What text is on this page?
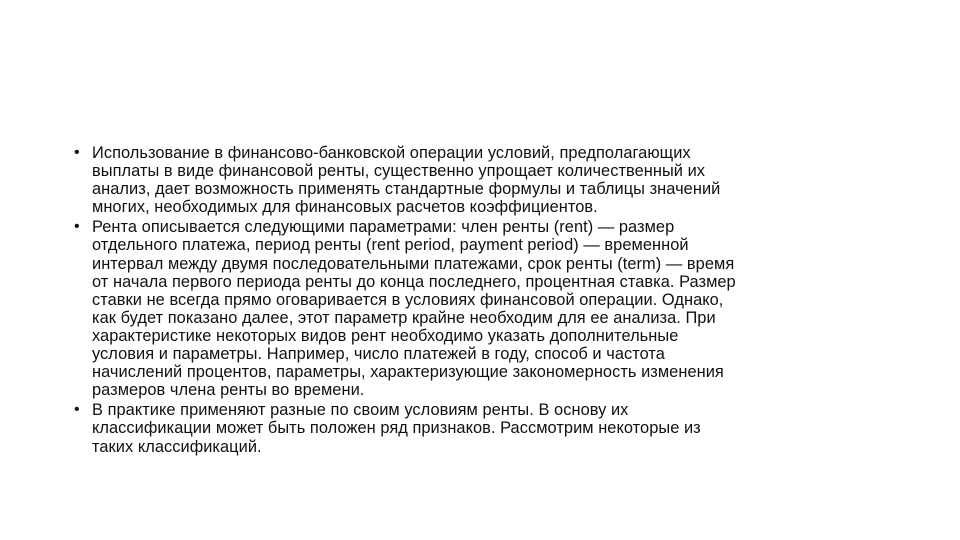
• Использование в финансово-банковской операции условий, предполагающих
выплаты в виде финансовой ренты, существенно упрощает количественный их
анализ, дает возможность применять стандартные формулы и таблицы значений
многих, необходимых для финансовых расчетов коэффициентов.
• Рента описывается следующими параметрами: член ренты (rent) — размер
отдельного платежа, период ренты (rent period, payment period) — временной
интервал между двумя последовательными платежами, срок ренты (term) — время
от начала первого периода ренты до конца последнего, процентная ставка. Размер
ставки не всегда прямо оговаривается в условиях финансовой операции. Однако,
как будет показано далее, этот параметр крайне необходим для ее анализа. При
характеристике некоторых видов рент необходимо указать дополнительные
условия и параметры. Например, число платежей в году, способ и частота
начислений процентов, параметры, характеризующие закономерность изменения
размеров члена ренты во времени.
• В практике применяют разные по своим условиям ренты. В основу их
классификации может быть положен ряд признаков. Рассмотрим некоторые из
таких классификаций.
